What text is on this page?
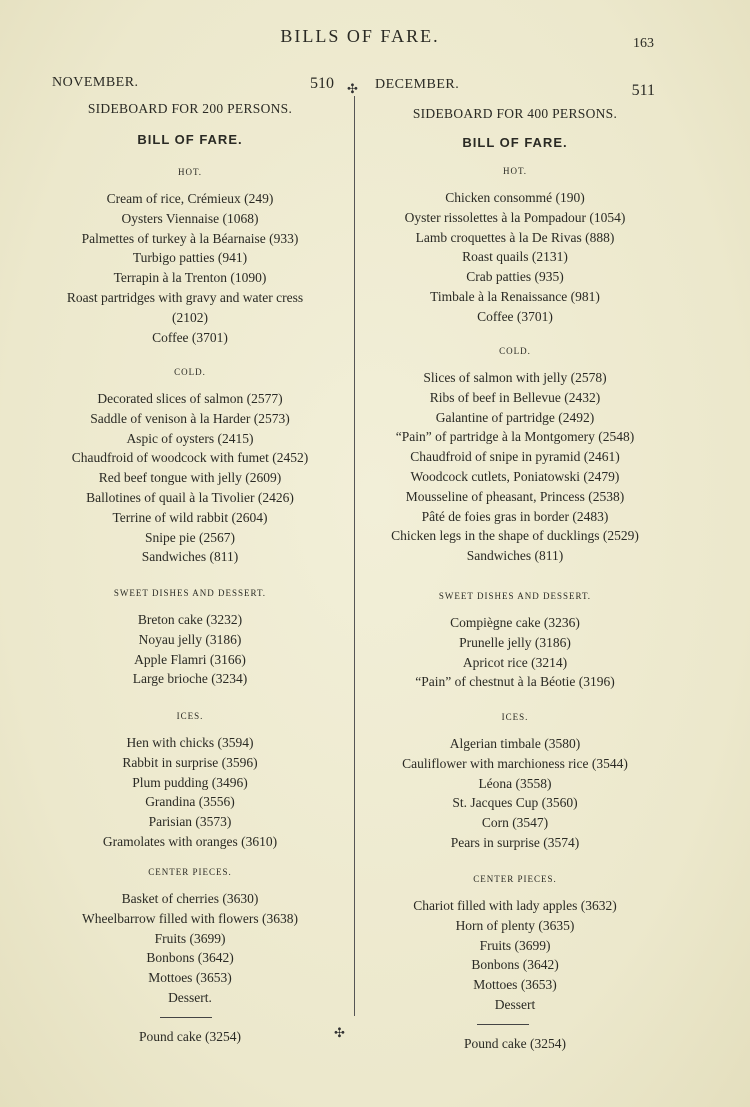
BILLS OF FARE.	163
NOVEMBER.	510
SIDEBOARD FOR 200 PERSONS.
BILL OF FARE.
HOT.
Cream of rice, Crémieux (249)
Oysters Viennaise (1068)
Palmettes of turkey à la Béarnaise (933)
Turbigo patties (941)
Terrapin à la Trenton (1090)
Roast partridges with gravy and water cress
(2102)
Coffee (3701)
COLD.
Decorated slices of salmon (2577)
Saddle of venison à la Harder (2573)
Aspic of oysters (2415)
Chaudfroid of woodcock with fumet (2452)
Red beef tongue with jelly (2609)
Ballotines of quail à la Tivolier (2426)
Terrine of wild rabbit (2604)
Snipe pie (2567)
Sandwiches (811)
SWEET DISHES AND DESSERT.
Breton cake (3232)
Noyau jelly (3186)
Apple Flamri (3166)
Large brioche (3234)
ICES.
Hen with chicks (3594)
Rabbit in surprise (3596)
Plum pudding (3496)
Grandina (3556)
Parisian (3573)
Gramolates with oranges (3610)
CENTER PIECES.
Basket of cherries (3630)
Wheelbarrow filled with flowers (3638)
Fruits (3699)
Bonbons (3642)
Mottoes (3653)
Dessert.
Pound cake (3254)
✣
✣
DECEMBER.	511
SIDEBOARD FOR 400 PERSONS.
BILL OF FARE.
HOT.
Chicken consommé (190)
Oyster rissolettes à la Pompadour (1054)
Lamb croquettes à la De Rivas (888)
Roast quails (2131)
Crab patties (935)
Timbale à la Renaissance (981)
Coffee (3701)
COLD.
Slices of salmon with jelly (2578)
Ribs of beef in Bellevue (2432)
Galantine of partridge (2492)
“Pain” of partridge à la Montgomery (2548)
Chaudfroid of snipe in pyramid (2461)
Woodcock cutlets, Poniatowski (2479)
Mousseline of pheasant, Princess (2538)
Pâté de foies gras in border (2483)
Chicken legs in the shape of ducklings (2529)
Sandwiches (811)
SWEET DISHES AND DESSERT.
Compiègne cake (3236)
Prunelle jelly (3186)
Apricot rice (3214)
“Pain” of chestnut à la Béotie (3196)
ICES.
Algerian timbale (3580)
Cauliflower with marchioness rice (3544)
Léona (3558)
St. Jacques Cup (3560)
Corn (3547)
Pears in surprise (3574)
CENTER PIECES.
Chariot filled with lady apples (3632)
Horn of plenty (3635)
Fruits (3699)
Bonbons (3642)
Mottoes (3653)
Dessert
Pound cake (3254)
